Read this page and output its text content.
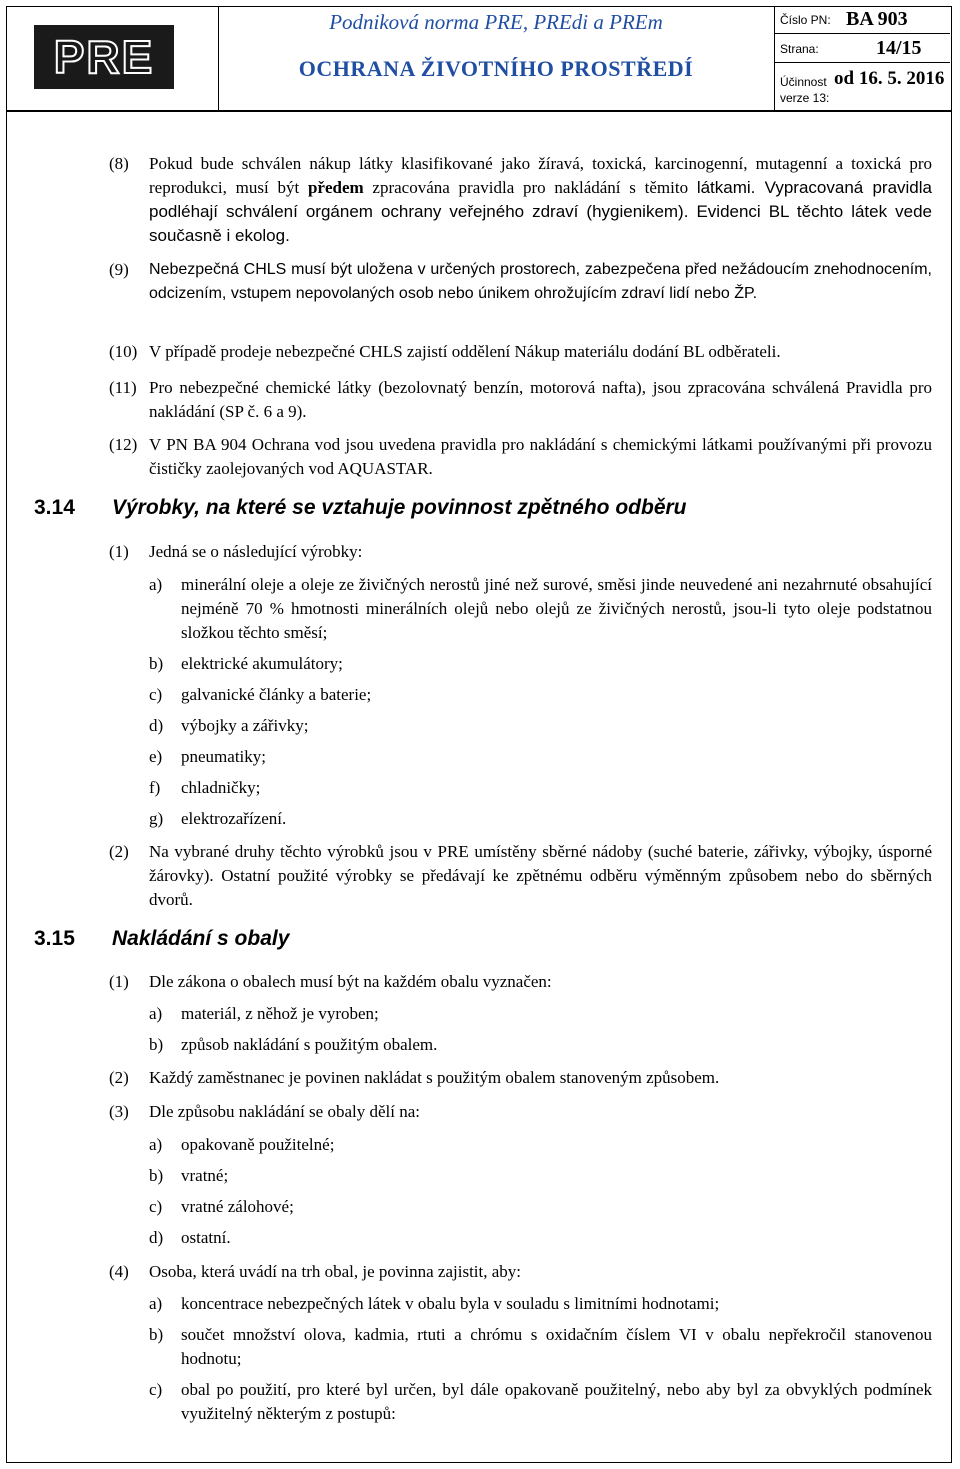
PRE
Podniková norma PRE, PREdi a PREm
OCHRANA ŽIVOTNÍHO PROSTŘEDÍ
Číslo PN: BA 903
Strana:	14/15
Účinnost
verze 13:
od 16. 5. 2016
(8) Pokud bude schválen nákup látky klasifikované jako žíravá, toxická, karcinogenní, mutagenní a toxická pro reprodukci, musí být předem zpracována pravidla pro nakládání s těmito látkami. Vypracovaná pravidla podléhají schválení orgánem ochrany veřejného zdraví (hygienikem). Evidenci BL těchto látek vede současně i ekolog.
(9) Nebezpečná CHLS musí být uložena v určených prostorech, zabezpečena před nežádoucím znehodnocením, odcizením, vstupem nepovolaných osob nebo únikem ohrožujícím zdraví lidí nebo ŽP.
(10) V případě prodeje nebezpečné CHLS zajistí oddělení Nákup materiálu dodání BL odběrateli.
(11) Pro nebezpečné chemické látky (bezolovnatý benzín, motorová nafta), jsou zpracována schválená Pravidla pro nakládání (SP č. 6 a 9).
(12) V PN BA 904 Ochrana vod jsou uvedena pravidla pro nakládání s chemickými látkami používanými při provozu čističky zaolejovaných vod AQUASTAR.
3.14 Výrobky, na které se vztahuje povinnost zpětného odběru
(1) Jedná se o následující výrobky:
a) minerální oleje a oleje ze živičných nerostů jiné než surové, směsi jinde neuvedené ani nezahrnuté obsahující nejméně 70 % hmotnosti minerálních olejů nebo olejů ze živičných nerostů, jsou-li tyto oleje podstatnou složkou těchto směsí;
b) elektrické akumulátory;
c) galvanické články a baterie;
d) výbojky a zářivky;
e) pneumatiky;
f) chladničky;
g) elektrozařízení.
(2) Na vybrané druhy těchto výrobků jsou v PRE umístěny sběrné nádoby (suché baterie, zářivky, výbojky, úsporné žárovky). Ostatní použité výrobky se předávají ke zpětnému odběru výměnným způsobem nebo do sběrných dvorů.
3.15 Nakládání s obaly
(1) Dle zákona o obalech musí být na každém obalu vyznačen:
a) materiál, z něhož je vyroben;
b) způsob nakládání s použitým obalem.
(2) Každý zaměstnanec je povinen nakládat s použitým obalem stanoveným způsobem.
(3) Dle způsobu nakládání se obaly dělí na:
a) opakovaně použitelné;
b) vratné;
c) vratné zálohové;
d) ostatní.
(4) Osoba, která uvádí na trh obal, je povinna zajistit, aby:
a) koncentrace nebezpečných látek v obalu byla v souladu s limitními hodnotami;
b) součet množství olova, kadmia, rtuti a chrómu s oxidačním číslem VI v obalu nepřekročil stanovenou hodnotu;
c) obal po použití, pro které byl určen, byl dále opakovaně použitelný, nebo aby byl za obvyklých podmínek využitelný některým z postupů:
